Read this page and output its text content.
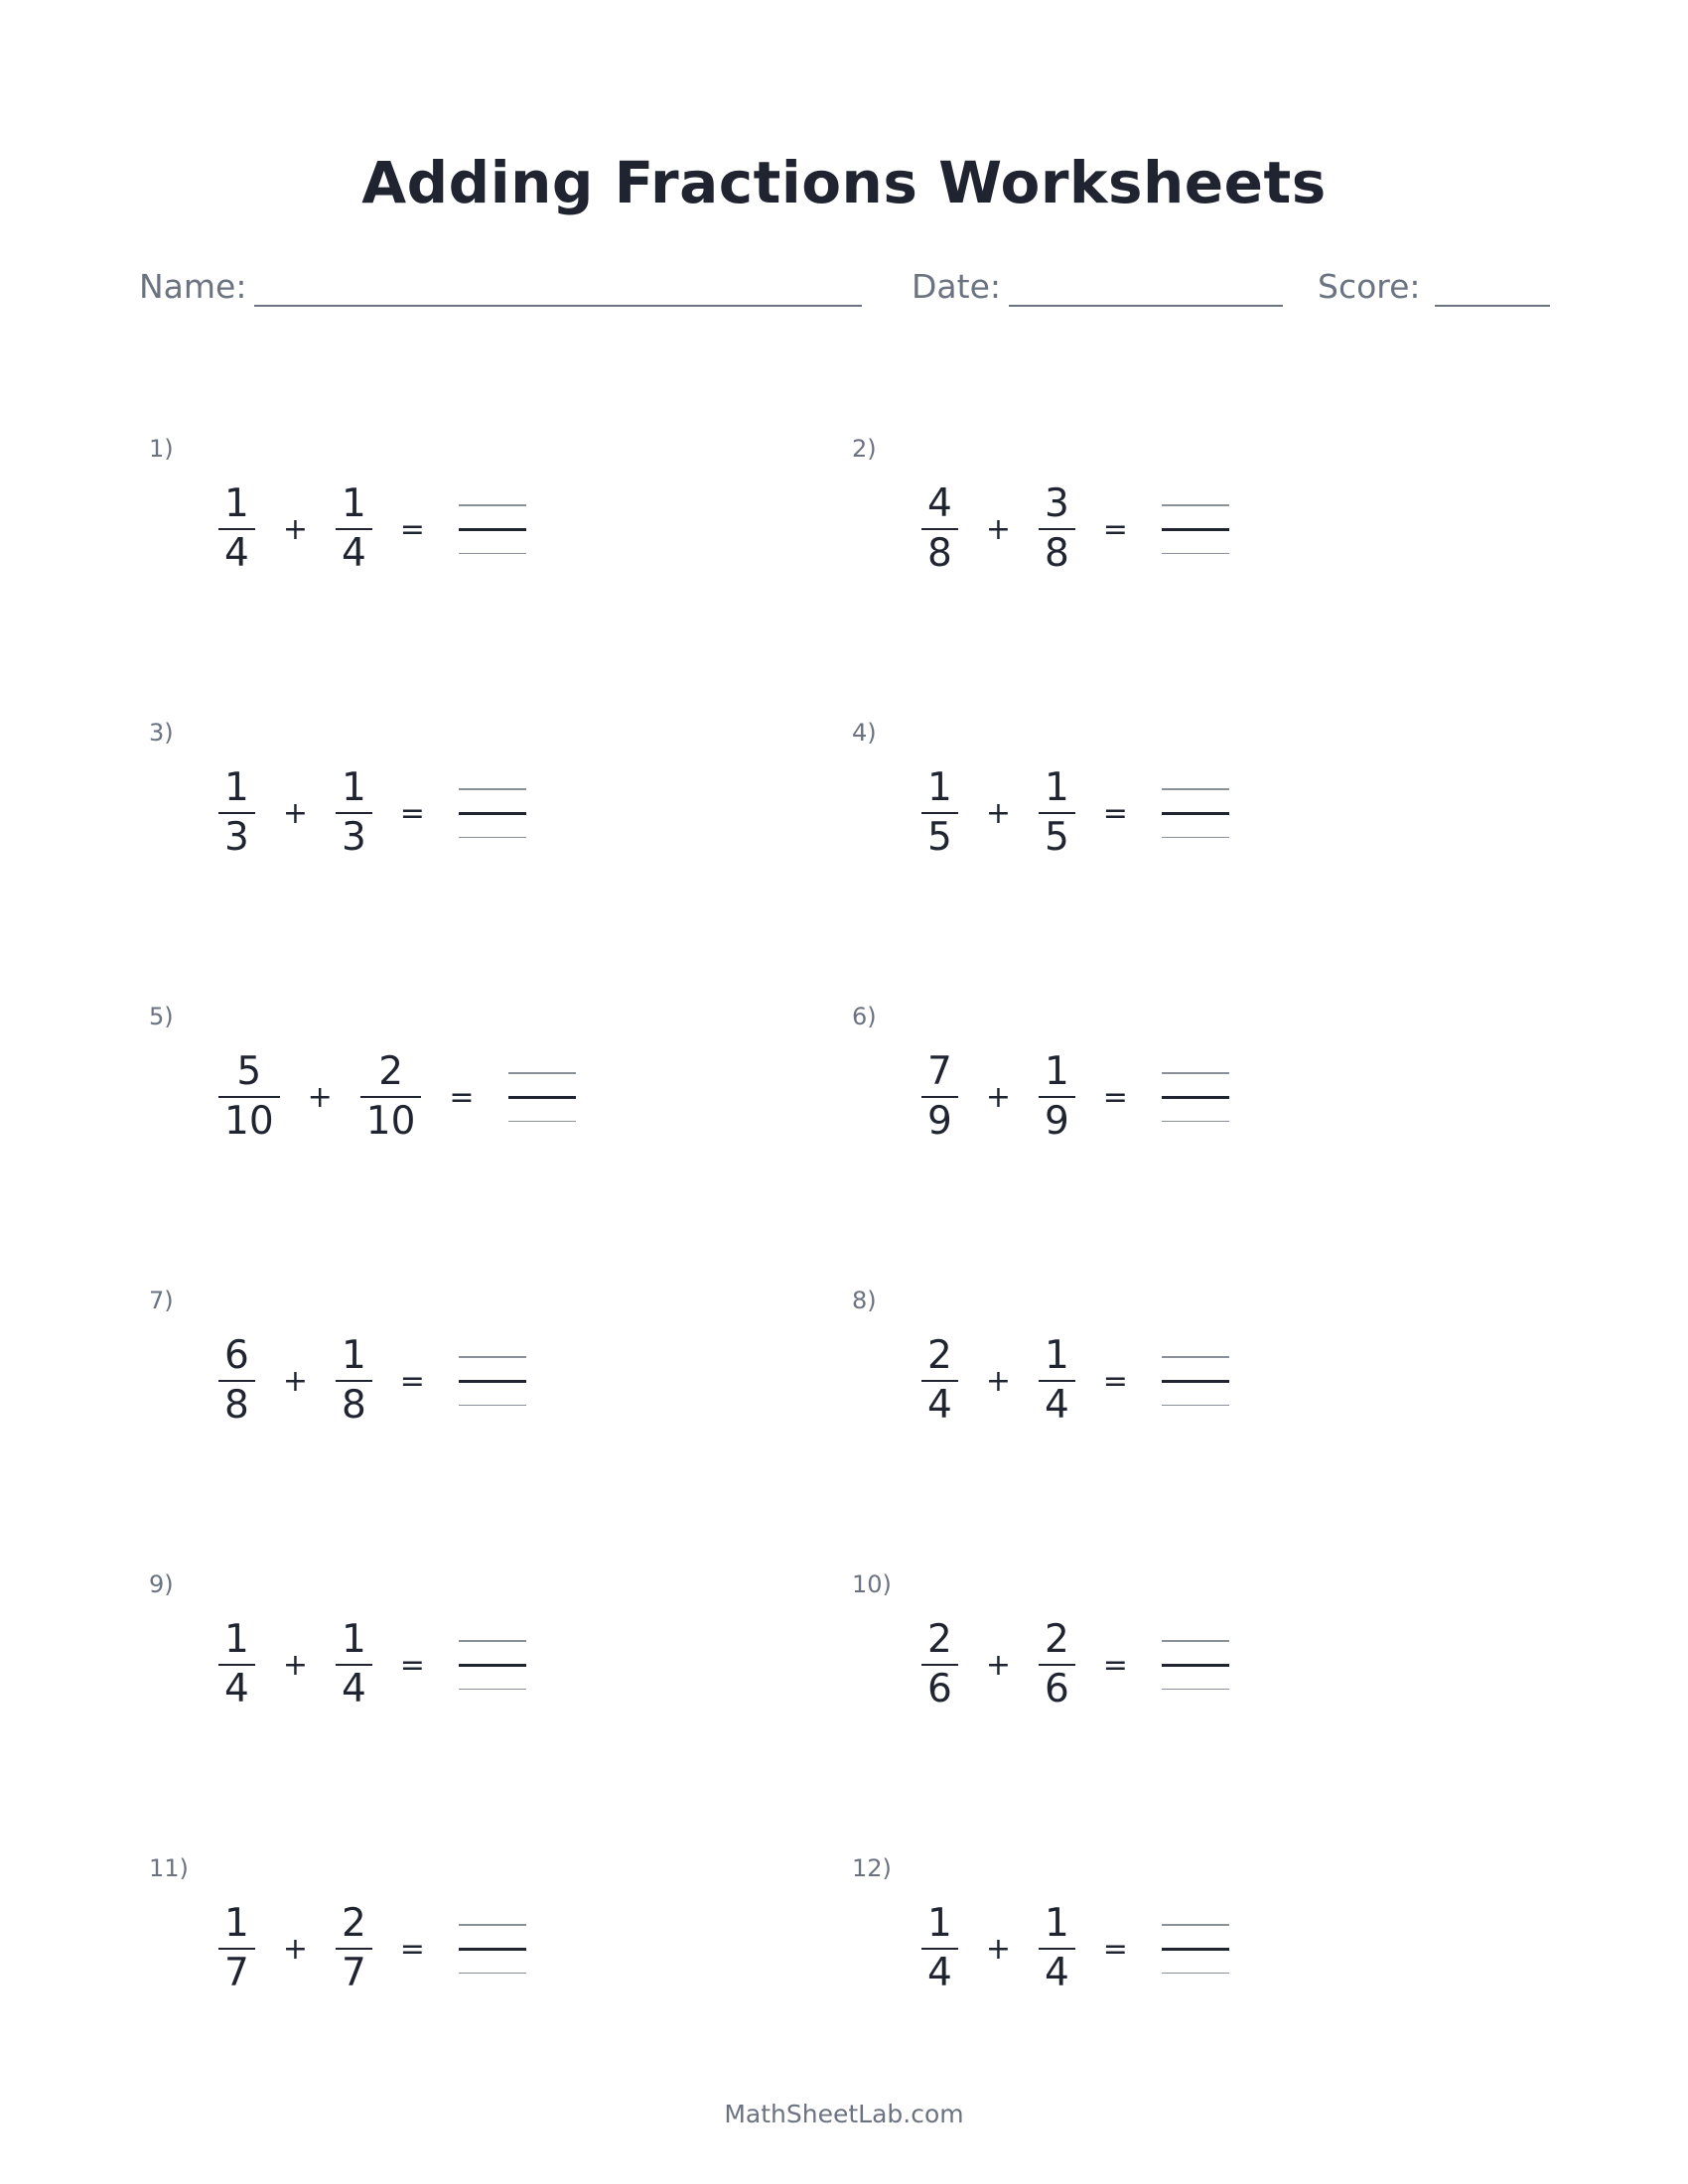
Adding Fractions Worksheets
Name:	Date:	Score:
1)
$\frac{1}{4} + \frac{1}{4}$ =
2)
$\frac{4}{8} + \frac{3}{8}$ =
3)
$\frac{1}{3} + \frac{1}{3}$ =
4)
$\frac{1}{5} + \frac{1}{5}$ =
5)
$\frac{5}{10} + \frac{2}{10}$ =
6)
$\frac{7}{9} + \frac{1}{9}$ =
7)
$\frac{6}{8} + \frac{1}{8}$ =
8)
$\frac{2}{4} + \frac{1}{4}$ =
9)
$\frac{1}{4} + \frac{1}{4}$ =
10)
$\frac{2}{6} + \frac{2}{6}$ =
11)
$\frac{1}{7} + \frac{2}{7}$ =
12)
$\frac{1}{4} + \frac{1}{4}$ =
MathSheetLab.com
